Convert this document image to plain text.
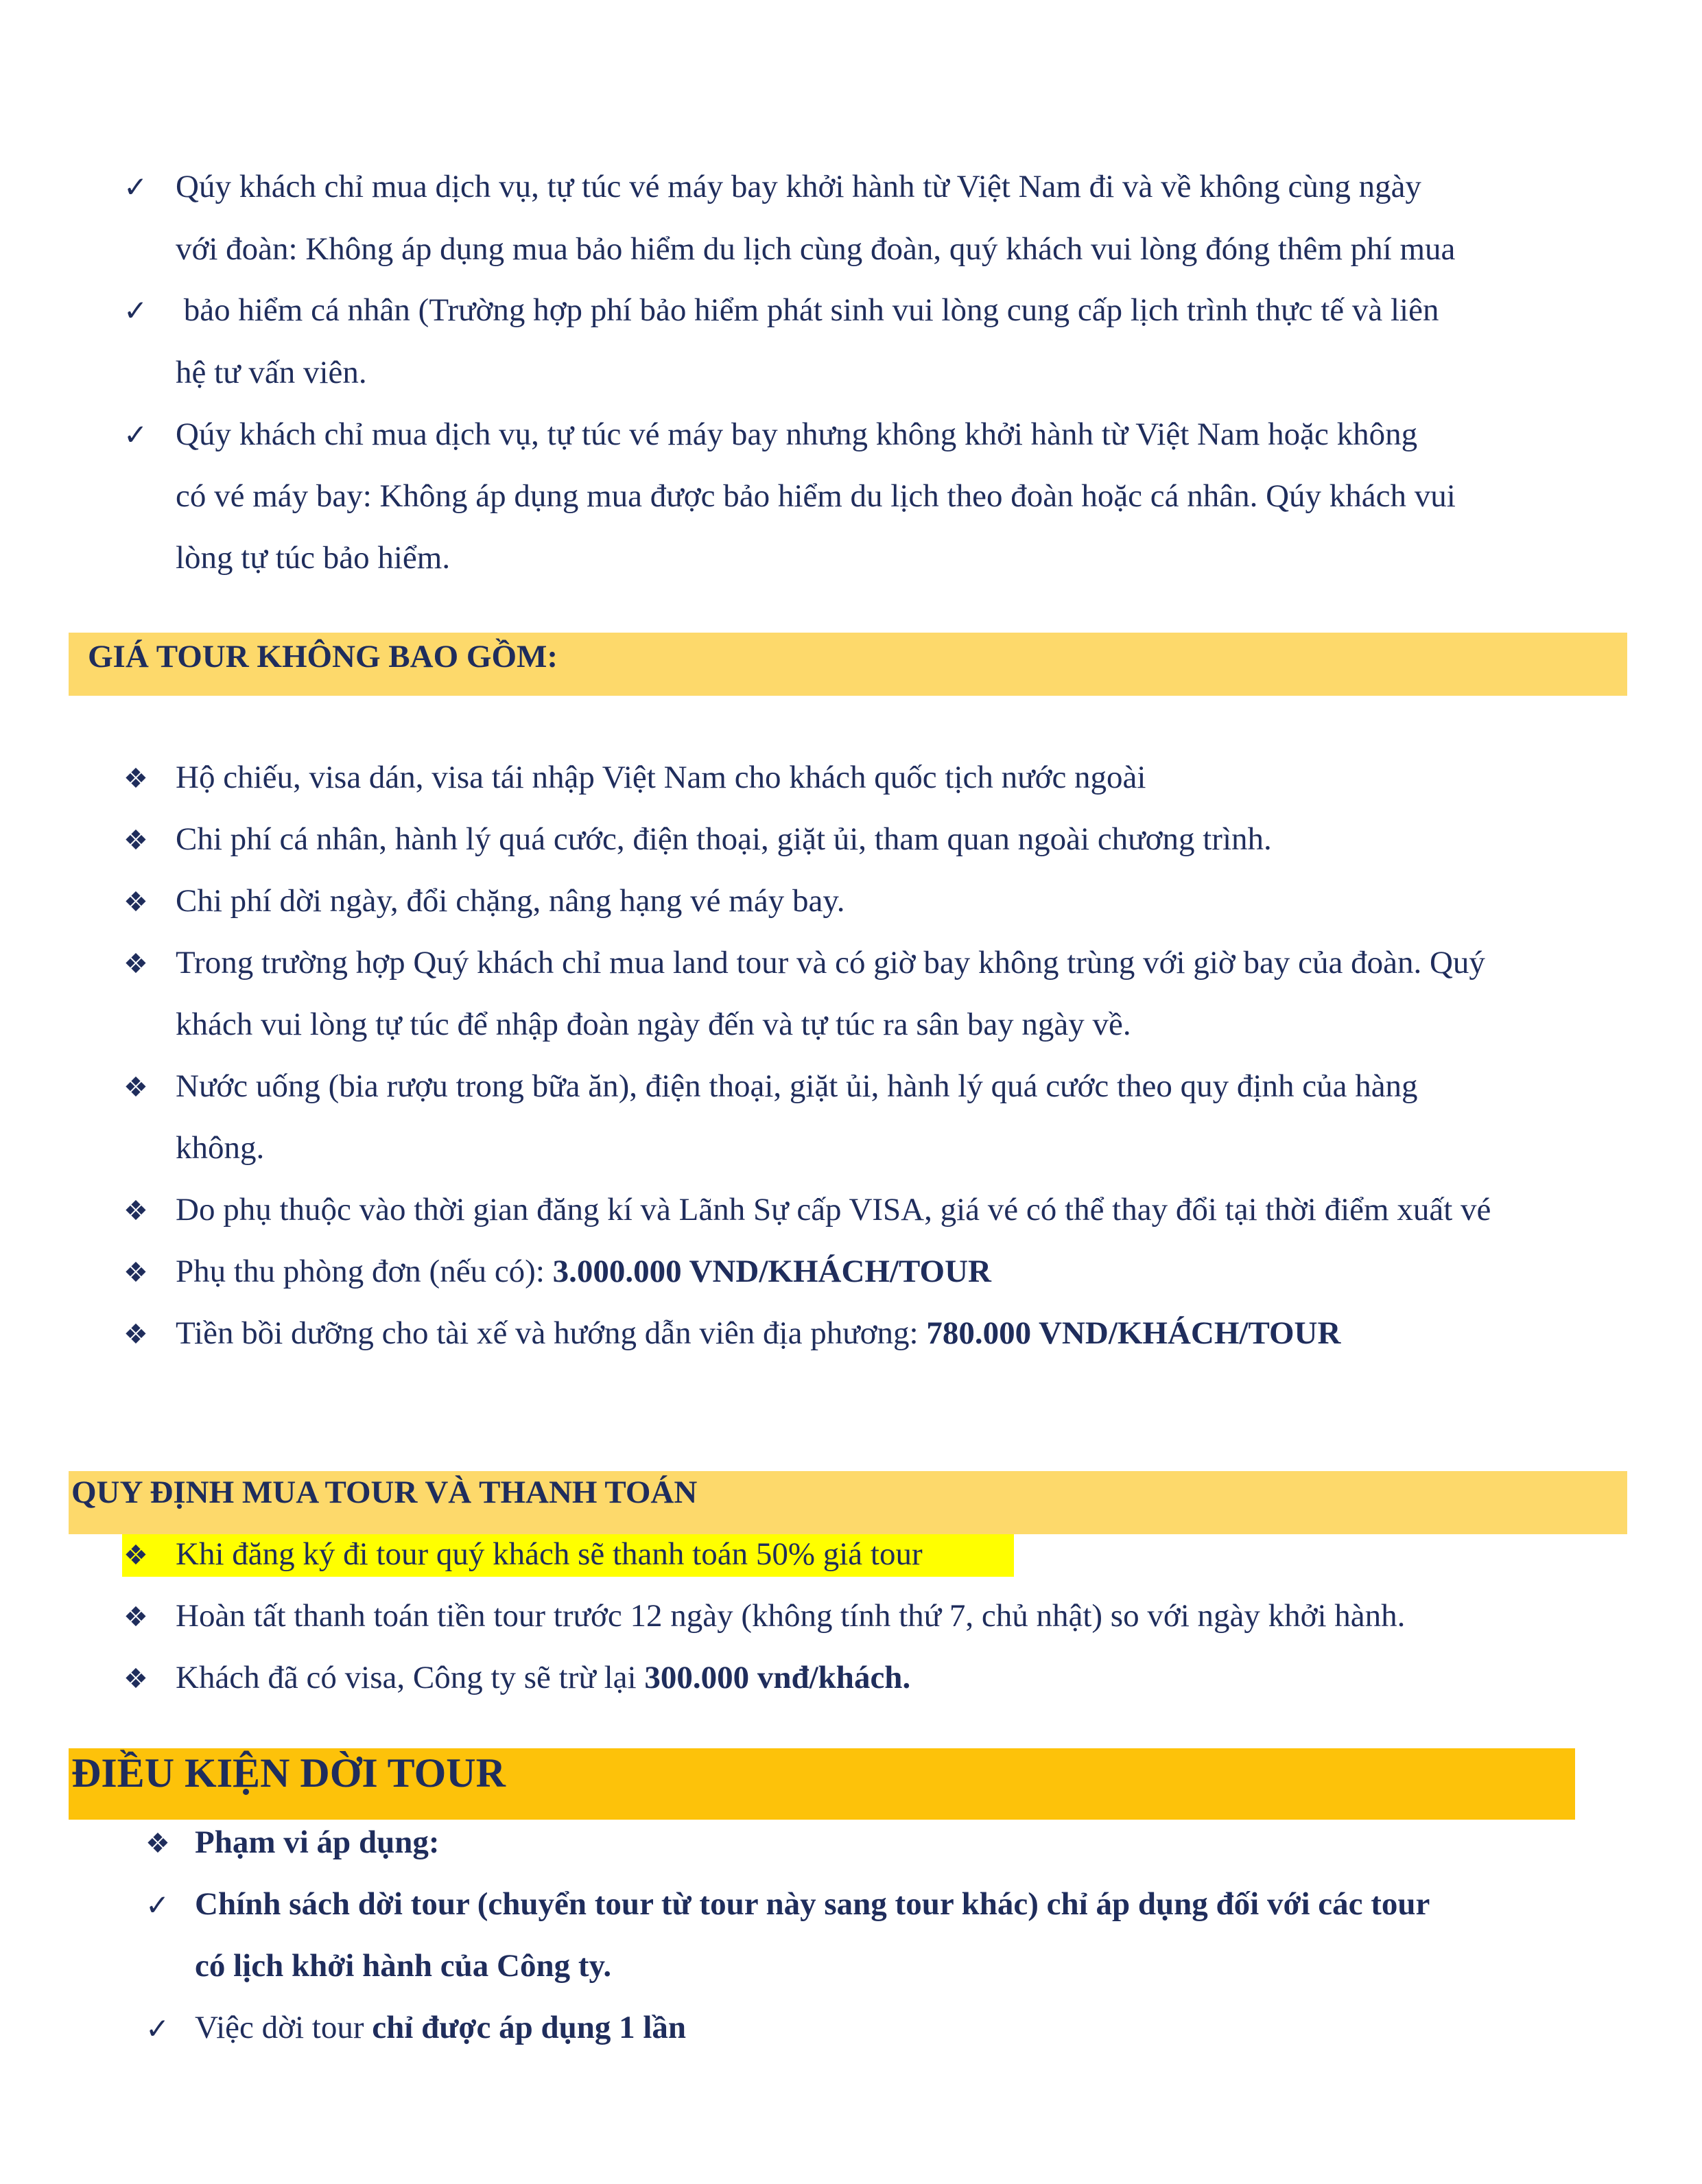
✓ Qúy khách chỉ mua dịch vụ, tự túc vé máy bay khởi hành từ Việt Nam đi và về không cùng ngày
với đoàn: Không áp dụng mua bảo hiểm du lịch cùng đoàn, quý khách vui lòng đóng thêm phí mua
✓ bảo hiểm cá nhân (Trường hợp phí bảo hiểm phát sinh vui lòng cung cấp lịch trình thực tế và liên
hệ tư vấn viên.
✓ Qúy khách chỉ mua dịch vụ, tự túc vé máy bay nhưng không khởi hành từ Việt Nam hoặc không
có vé máy bay: Không áp dụng mua được bảo hiểm du lịch theo đoàn hoặc cá nhân. Qúy khách vui
lòng tự túc bảo hiểm.
GIÁ TOUR KHÔNG BAO GỒM:
❖ Hộ chiếu, visa dán, visa tái nhập Việt Nam cho khách quốc tịch nước ngoài
❖ Chi phí cá nhân, hành lý quá cước, điện thoại, giặt ủi, tham quan ngoài chương trình.
❖ Chi phí dời ngày, đổi chặng, nâng hạng vé máy bay.
❖ Trong trường hợp Quý khách chỉ mua land tour và có giờ bay không trùng với giờ bay của đoàn. Quý
khách vui lòng tự túc để nhập đoàn ngày đến và tự túc ra sân bay ngày về.
❖ Nước uống (bia rượu trong bữa ăn), điện thoại, giặt ủi, hành lý quá cước theo quy định của hàng
không.
❖ Do phụ thuộc vào thời gian đăng kí và Lãnh Sự cấp VISA, giá vé có thể thay đổi tại thời điểm xuất vé
❖ Phụ thu phòng đơn (nếu có): 3.000.000 VND/KHÁCH/TOUR
❖ Tiền bồi dưỡng cho tài xế và hướng dẫn viên địa phương: 780.000 VND/KHÁCH/TOUR
QUY ĐỊNH MUA TOUR VÀ THANH TOÁN
❖ Khi đăng ký đi tour quý khách sẽ thanh toán 50% giá tour
❖ Hoàn tất thanh toán tiền tour trước 12 ngày (không tính thứ 7, chủ nhật) so với ngày khởi hành.
❖ Khách đã có visa, Công ty sẽ trừ lại 300.000 vnđ/khách.
ĐIỀU KIỆN DỜI TOUR
❖ Phạm vi áp dụng:
✓ Chính sách dời tour (chuyển tour từ tour này sang tour khác) chỉ áp dụng đối với các tour
có lịch khởi hành của Công ty.
✓ Việc dời tour chỉ được áp dụng 1 lần
